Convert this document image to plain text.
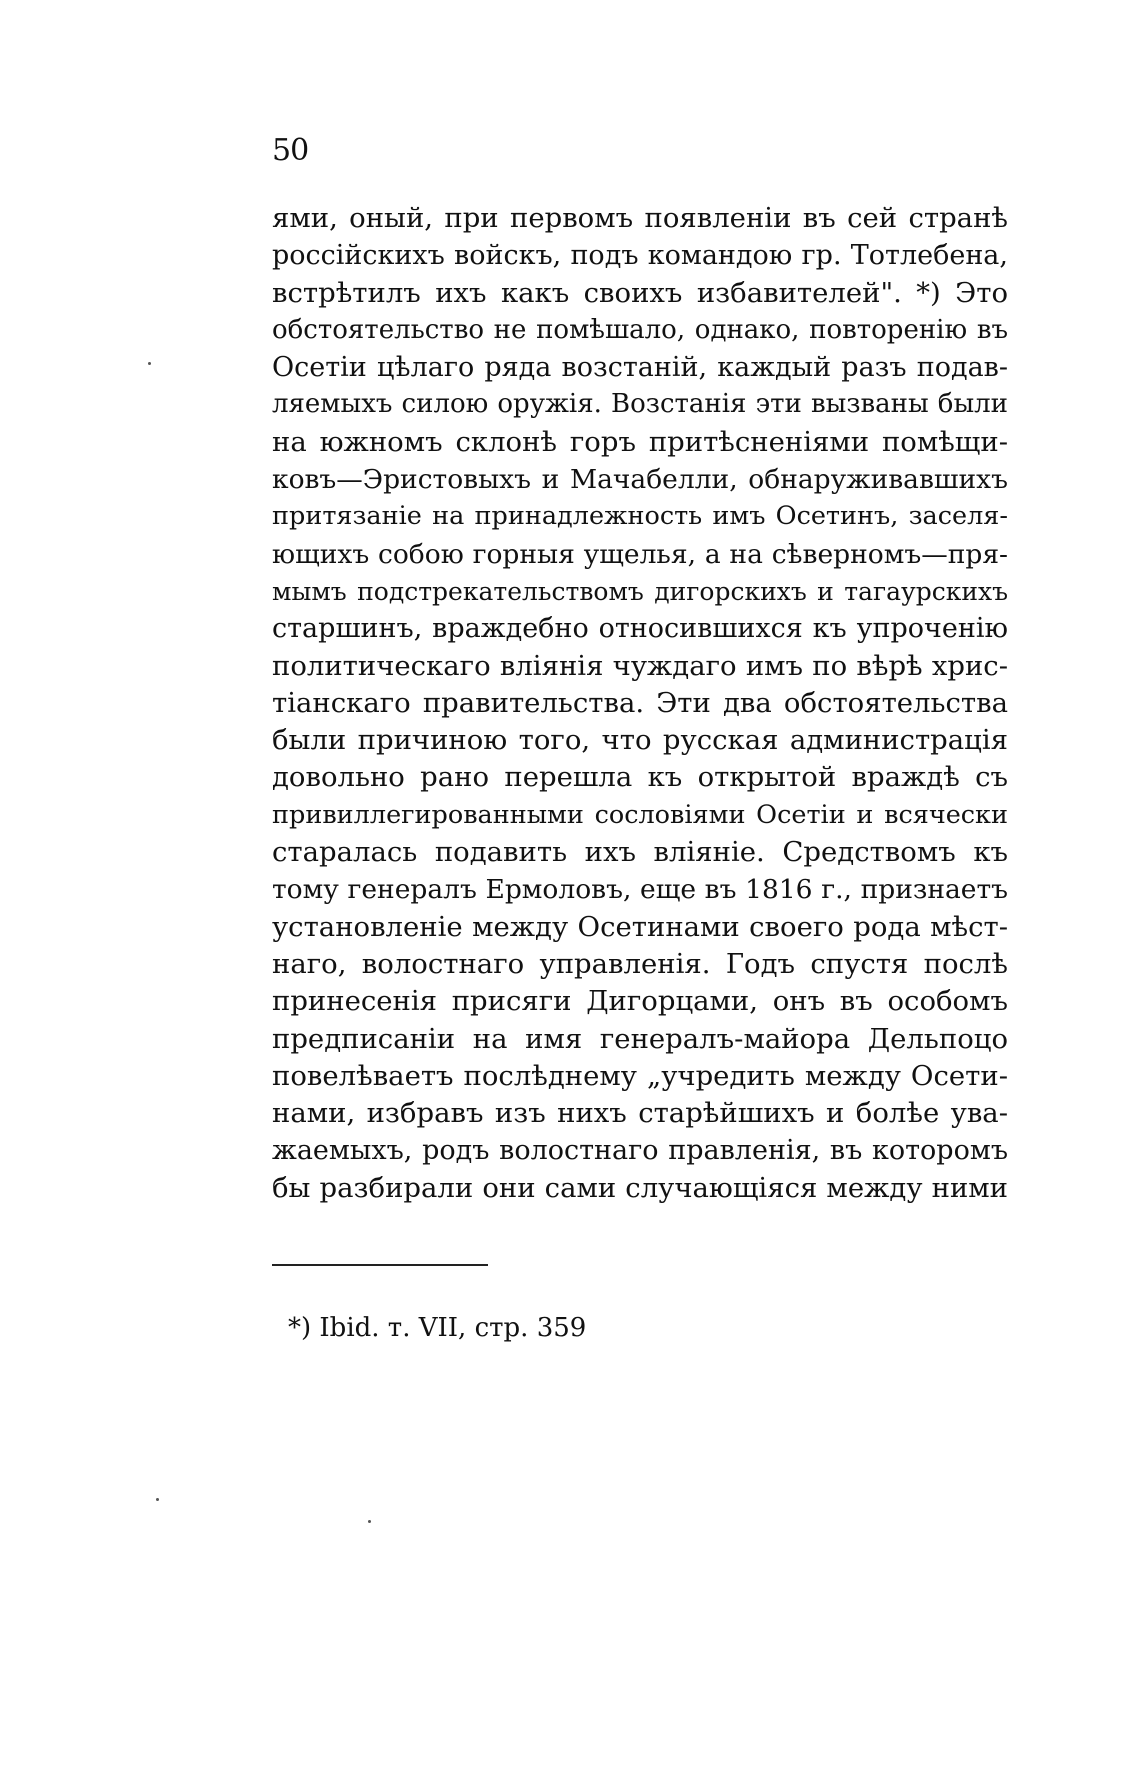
50
ями, оный, при первомъ появленіи въ сей странѣ
россійскихъ войскъ, подъ командою гр. Тотлебена,
встрѣтилъ ихъ какъ своихъ избавителей". *) Это
обстоятельство не помѣшало, однако, повторенію въ
Осетіи цѣлаго ряда возстаній, каждый разъ подав-
ляемыхъ силою оружія. Возстанія эти вызваны были
на южномъ склонѣ горъ притѣсненіями помѣщи-
ковъ—Эристовыхъ и Мачабелли, обнаруживавшихъ
притязаніе на принадлежность имъ Осетинъ, заселя-
ющихъ собою горныя ущелья, а на сѣверномъ—пря-
мымъ подстрекательствомъ дигорскихъ и тагаурскихъ
старшинъ, враждебно относившихся къ упроченію
политическаго вліянія чуждаго имъ по вѣрѣ хрис-
тіанскаго правительства. Эти два обстоятельства
были причиною того, что русская администрація
довольно рано перешла къ открытой враждѣ съ
привиллегированными сословіями Осетіи и всячески
старалась подавить ихъ вліяніе. Средствомъ къ
тому генералъ Ермоловъ, еще въ 1816 г., признаетъ
установленіе между Осетинами своего рода мѣст-
наго, волостнаго управленія. Годъ спустя послѣ
принесенія присяги Дигорцами, онъ въ особомъ
предписаніи на имя генералъ-майора Дельпоцо
повелѣваетъ послѣднему „учредить между Осети-
нами, избравъ изъ нихъ старѣйшихъ и болѣе ува-
жаемыхъ, родъ волостнаго правленія, въ которомъ
бы разбирали они сами случающіяся между ними
*) Ibid. т. VII, стр. 359
